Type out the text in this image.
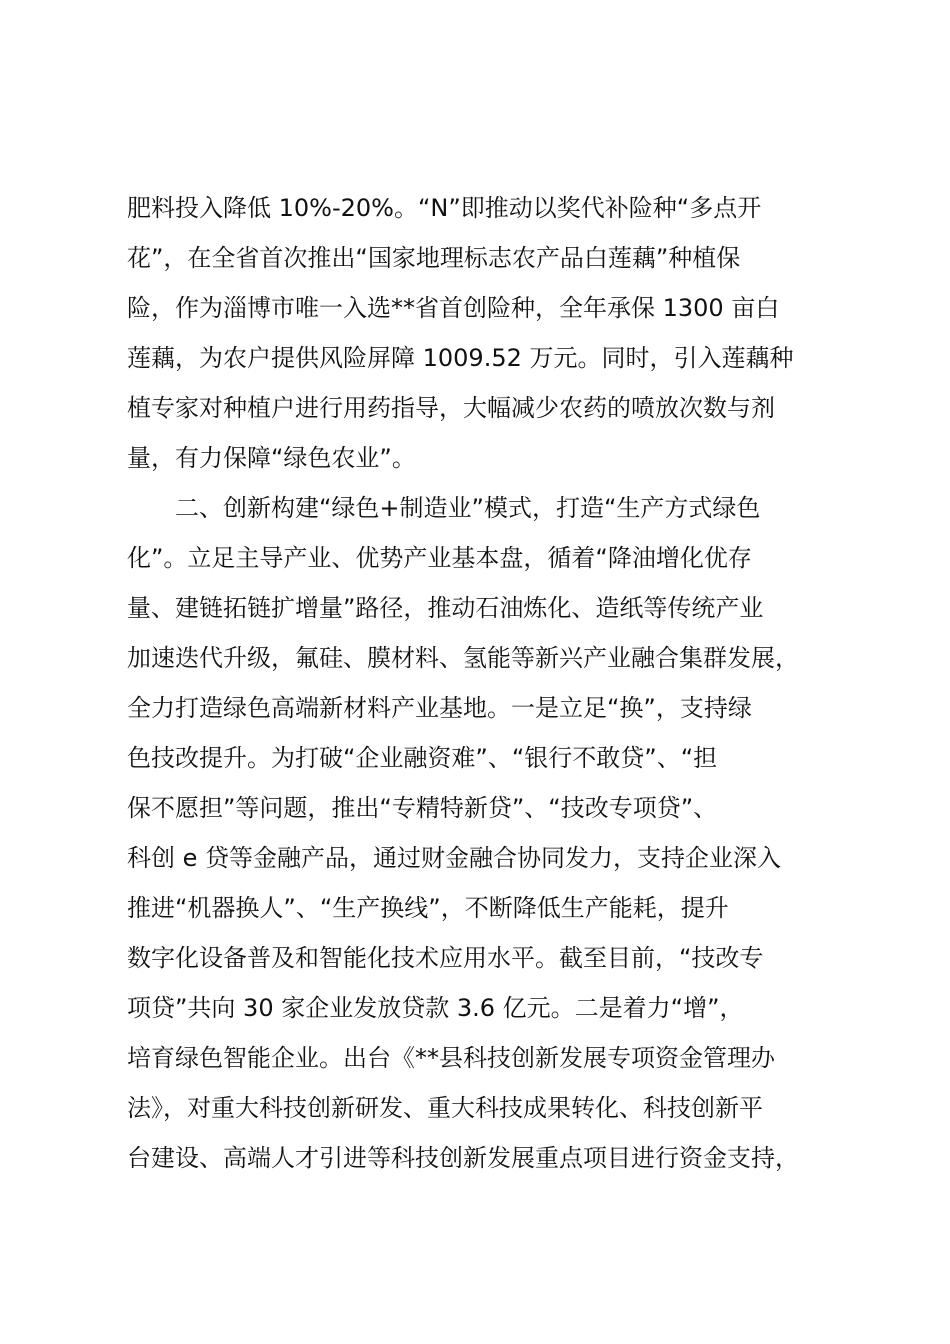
肥料投入降低 10%-20%。“N”即推动以奖代补险种“多点开
花”，在全省首次推出“国家地理标志农产品白莲藕”种植保
险，作为淄博市唯一入选**省首创险种，全年承保 1300 亩白
莲藕，为农户提供风险屏障 1009.52 万元。同时，引入莲藕种
植专家对种植户进行用药指导，大幅减少农药的喷放次数与剂
量，有力保障“绿色农业”。
　　二、创新构建“绿色+制造业”模式，打造“生产方式绿色
化”。立足主导产业、优势产业基本盘，循着“降油增化优存
量、建链拓链扩增量”路径，推动石油炼化、造纸等传统产业
加速迭代升级，氟硅、膜材料、氢能等新兴产业融合集群发展，
全力打造绿色高端新材料产业基地。一是立足“换”，支持绿
色技改提升。为打破“企业融资难”、“银行不敢贷”、“担
保不愿担”等问题，推出“专精特新贷”、“技改专项贷”、
科创 e 贷等金融产品，通过财金融合协同发力，支持企业深入
推进“机器换人”、“生产换线”，不断降低生产能耗，提升
数字化设备普及和智能化技术应用水平。截至目前，“技改专
项贷”共向 30 家企业发放贷款 3.6 亿元。二是着力“增”，
培育绿色智能企业。出台《**县科技创新发展专项资金管理办
法》，对重大科技创新研发、重大科技成果转化、科技创新平
台建设、高端人才引进等科技创新发展重点项目进行资金支持，
